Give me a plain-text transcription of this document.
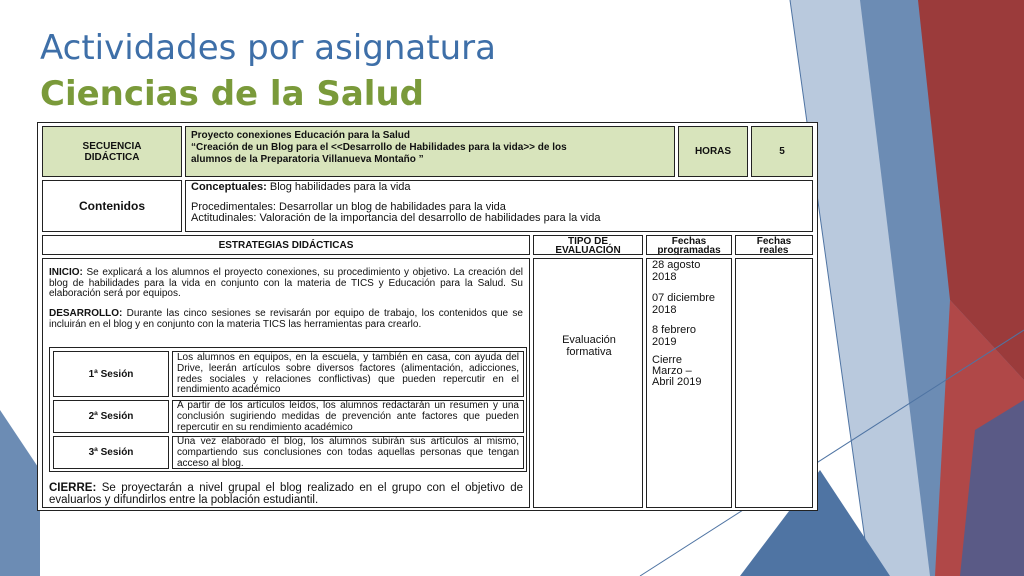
Actividades por asignatura
Ciencias de la Salud
SECUENCIA DIDÁCTICA
Proyecto conexiones Educación para la Salud
“Creación de un Blog para el <<Desarrollo de Habilidades para la vida>> de los
alumnos de la Preparatoria Villanueva Montaño ”
HORAS	5
Contenidos
Conceptuales: Blog habilidades para la vida
Procedimentales: Desarrollar un blog de habilidades para la vida
Actitudinales: Valoración de la importancia del desarrollo de habilidades para la vida
ESTRATEGIAS DIDÁCTICAS	TIPO DE
EVALUACIÓN
Fechas
programadas
Fechas
reales
INICIO: Se explicará a los alumnos el proyecto conexiones, su procedimiento y objetivo. La creación del blog de habilidades para la vida en conjunto con la materia de TICS y Educación para la Salud. Su elaboración será por equipos.
DESARROLLO: Durante las cinco sesiones se revisarán por equipo de trabajo, los contenidos que se incluirán en el blog y en conjunto con la materia TICS las herramientas para crearlo.
1ª Sesión
Los alumnos en equipos, en la escuela, y también en casa, con ayuda del Drive, leerán artículos sobre diversos factores (alimentación, adicciones, redes sociales y relaciones conflictivas) que pueden repercutir en el rendimiento académico
2ª Sesión
A partir de los artículos leídos, los alumnos redactarán un resumen y una conclusión sugiriendo medidas de prevención ante factores que pueden repercutir en su rendimiento académico
3ª Sesión
Una vez elaborado el blog, los alumnos subirán sus artículos al mismo, compartiendo sus conclusiones con todas aquellas personas que tengan acceso al blog.
CIERRE: Se proyectarán a nivel grupal el blog realizado en el grupo con el objetivo de evaluarlos y difundirlos entre la población estudiantil.
Evaluación formativa
28 agosto 2018
07 diciembre 2018
8 febrero 2019
Cierre Marzo – Abril 2019
